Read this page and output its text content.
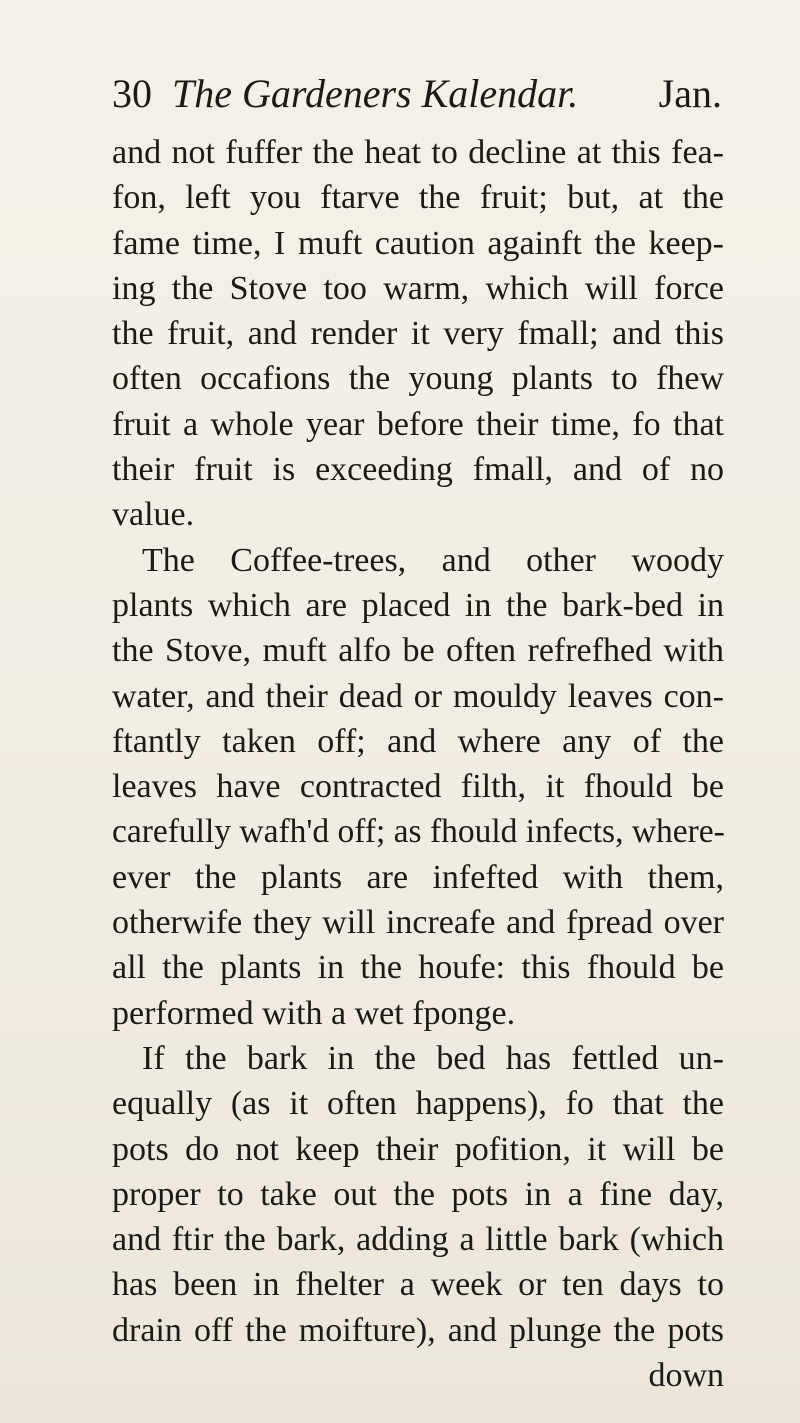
30 The Gardeners Kalendar. Jan.
and not fuffer the heat to decline at this fea-
fon, left you ftarve the fruit; but, at the
fame time, I muft caution againft the keep-
ing the Stove too warm, which will force
the fruit, and render it very fmall; and this
often occafions the young plants to fhew
fruit a whole year before their time, fo that
their fruit is exceeding fmall, and of no
value.
The Coffee-trees, and other woody
plants which are placed in the bark-bed in
the Stove, muft alfo be often refrefhed with
water, and their dead or mouldy leaves con-
ftantly taken off; and where any of the
leaves have contracted filth, it fhould be
carefully wafh'd off; as fhould infects, where-
ever the plants are infefted with them,
otherwife they will increafe and fpread over
all the plants in the houfe: this fhould be
performed with a wet fponge.
If the bark in the bed has fettled un-
equally (as it often happens), fo that the
pots do not keep their pofition, it will be
proper to take out the pots in a fine day,
and ftir the bark, adding a little bark (which
has been in fhelter a week or ten days to
drain off the moifture), and plunge the pots
down
